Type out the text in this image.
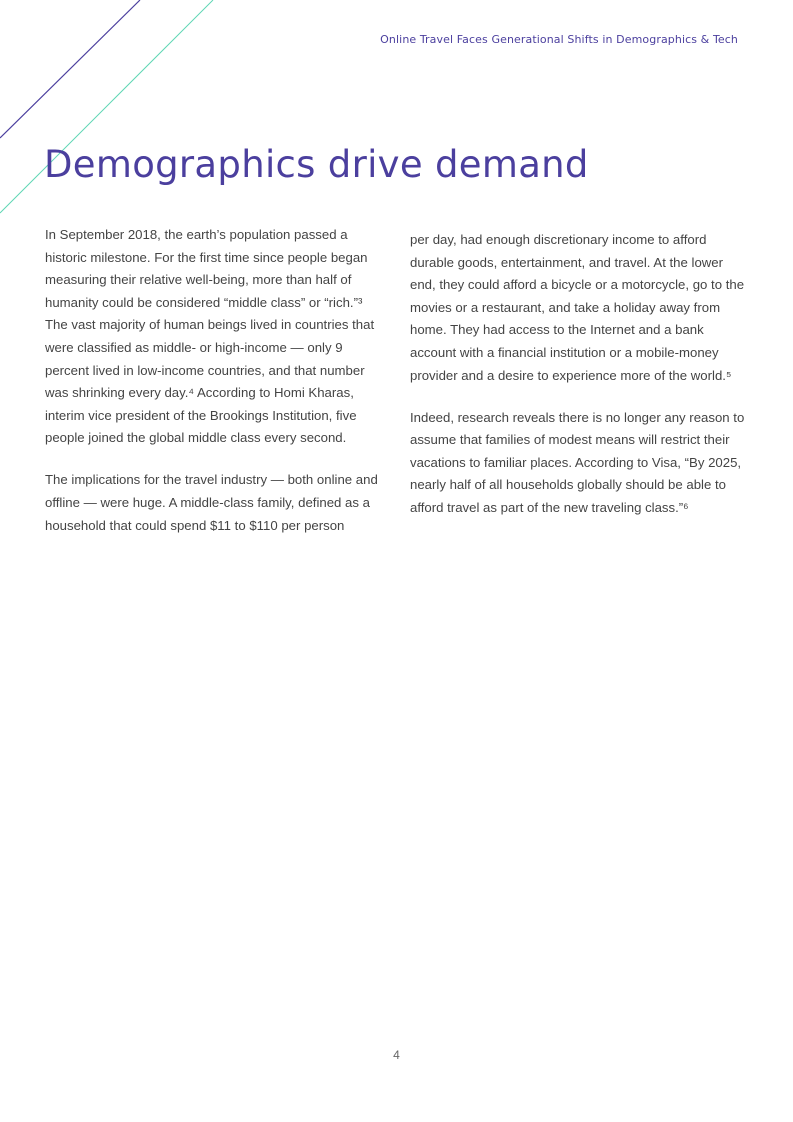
Online Travel Faces Generational Shifts in Demographics & Tech
Demographics drive demand

In September 2018, the earth’s population passed a historic milestone. For the first time since people began measuring their relative well-being, more than half of humanity could be considered “middle class” or “rich.”³ The vast majority of human beings lived in countries that were classified as middle- or high-income — only 9 percent lived in low-income countries, and that number was shrinking every day.⁴ According to Homi Kharas, interim vice president of the Brookings Institution, five people joined the global middle class every second.

The implications for the travel industry — both online and offline — were huge. A middle-class family, defined as a household that could spend $11 to $110 per person

per day, had enough discretionary income to afford durable goods, entertainment, and travel. At the lower end, they could afford a bicycle or a motorcycle, go to the movies or a restaurant, and take a holiday away from home. They had access to the Internet and a bank account with a financial institution or a mobile-money provider and a desire to experience more of the world.⁵

Indeed, research reveals there is no longer any reason to assume that families of modest means will restrict their vacations to familiar places. According to Visa, “By 2025, nearly half of all households globally should be able to afford travel as part of the new traveling class.”⁶

4
